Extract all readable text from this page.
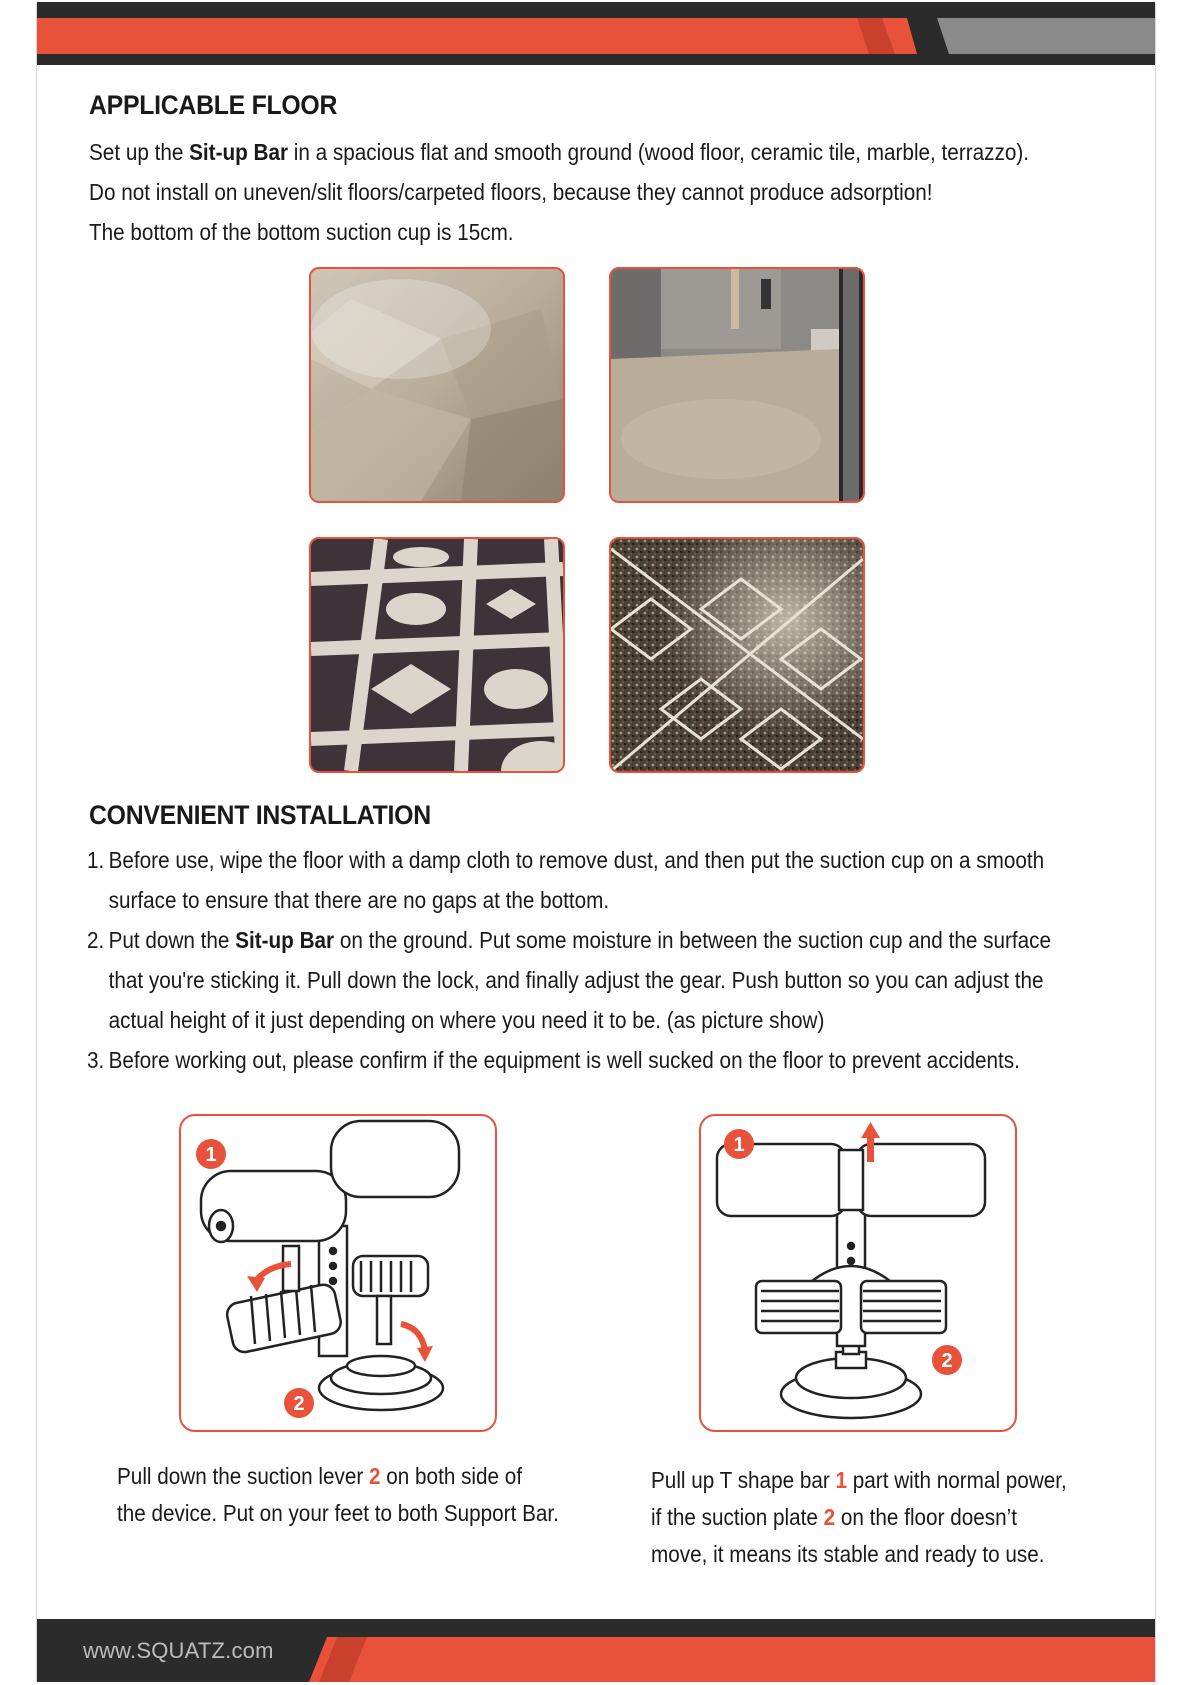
APPLICABLE FLOOR

Set up the Sit-up Bar in a spacious flat and smooth ground (wood floor, ceramic tile, marble, terrazzo).

Do not install on uneven/slit floors/carpeted floors, because they cannot produce adsorption!

The bottom of the bottom suction cup is 15cm.

CONVENIENT INSTALLATION
1. Before use, wipe the floor with a damp cloth to remove dust, and then put the suction cup on a smooth
surface to ensure that there are no gaps at the bottom.
2. Put down the Sit-up Bar on the ground. Put some moisture in between the suction cup and the surface
that you're sticking it. Pull down the lock, and finally adjust the gear. Push button so you can adjust the
actual height of it just depending on where you need it to be. (as picture show)
3. Before working out, please confirm if the equipment is well sucked on the floor to prevent accidents.
1
2
1
2

Pull down the suction lever 2 on both side of

the device. Put on your feet to both Support Bar.

Pull up T shape bar 1 part with normal power,

if the suction plate 2 on the floor doesn’t

move, it means its stable and ready to use.

www.SQUATZ.com
